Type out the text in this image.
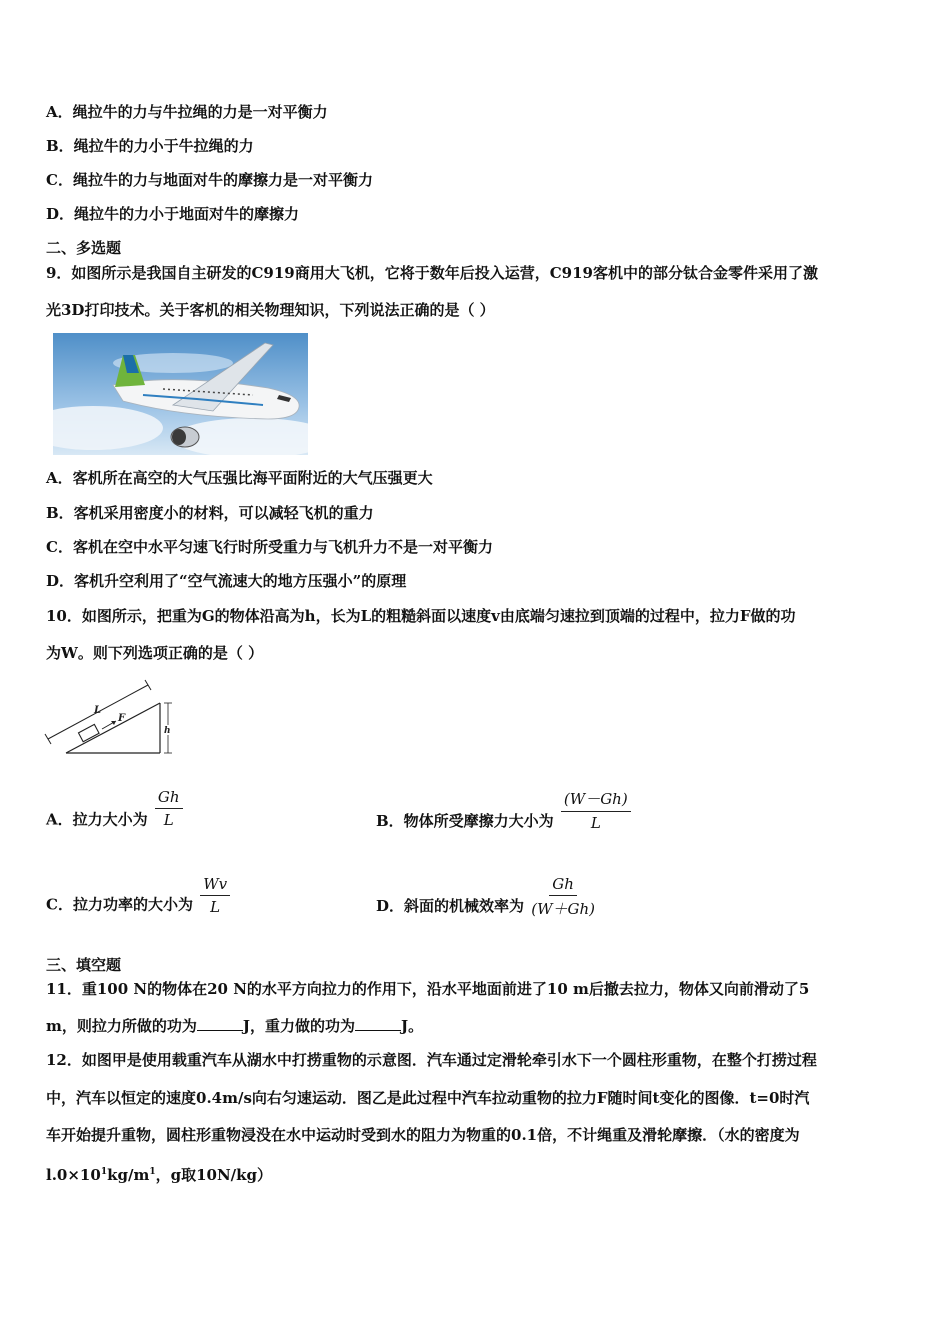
A．绳拉牛的力与牛拉绳的力是一对平衡力
B．绳拉牛的力小于牛拉绳的力
C．绳拉牛的力与地面对牛的摩擦力是一对平衡力
D．绳拉牛的力小于地面对牛的摩擦力
二、多选题
9．如图所示是我国自主研发的C919商用大飞机，它将于数年后投入运营，C919客机中的部分钛合金零件采用了激
光3D打印技术。关于客机的相关物理知识，下列说法正确的是（ ）
A．客机所在高空的大气压强比海平面附近的大气压强更大
B．客机采用密度小的材料，可以减轻飞机的重力
C．客机在空中水平匀速飞行时所受重力与飞机升力不是一对平衡力
D．客机升空利用了“空气流速大的地方压强小”的原理
10．如图所示，把重为G的物体沿高为h，长为L的粗糙斜面以速度v由底端匀速拉到顶端的过程中，拉力F做的功
为W。则下列选项正确的是（ ）
L
F
h
A．拉力大小为 $\frac{Gh}{L}$	B．物体所受摩擦力大小为 $\frac{(W-Gh)}{L}$
C．拉力功率的大小为 $\frac{Wv}{L}$	D．斜面的机械效率为 $\frac{Gh}{(W+Gh)}$
三、填空题
11．重100 N的物体在20 N的水平方向拉力的作用下，沿水平地面前进了10 m后撤去拉力，物体又向前滑动了5
m，则拉力所做的功为	J，重力做的功为	J。
12．如图甲是使用载重汽车从湖水中打捞重物的示意图．汽车通过定滑轮牵引水下一个圆柱形重物，在整个打捞过程
中，汽车以恒定的速度0.4m/s向右匀速运动．图乙是此过程中汽车拉动重物的拉力F随时间t变化的图像．t=0时汽
车开始提升重物，圆柱形重物浸没在水中运动时受到水的阻力为物重的0.1倍，不计绳重及滑轮摩擦．（水的密度为
$l.0\times 10^1kg/m^1$，g取10N/kg）
